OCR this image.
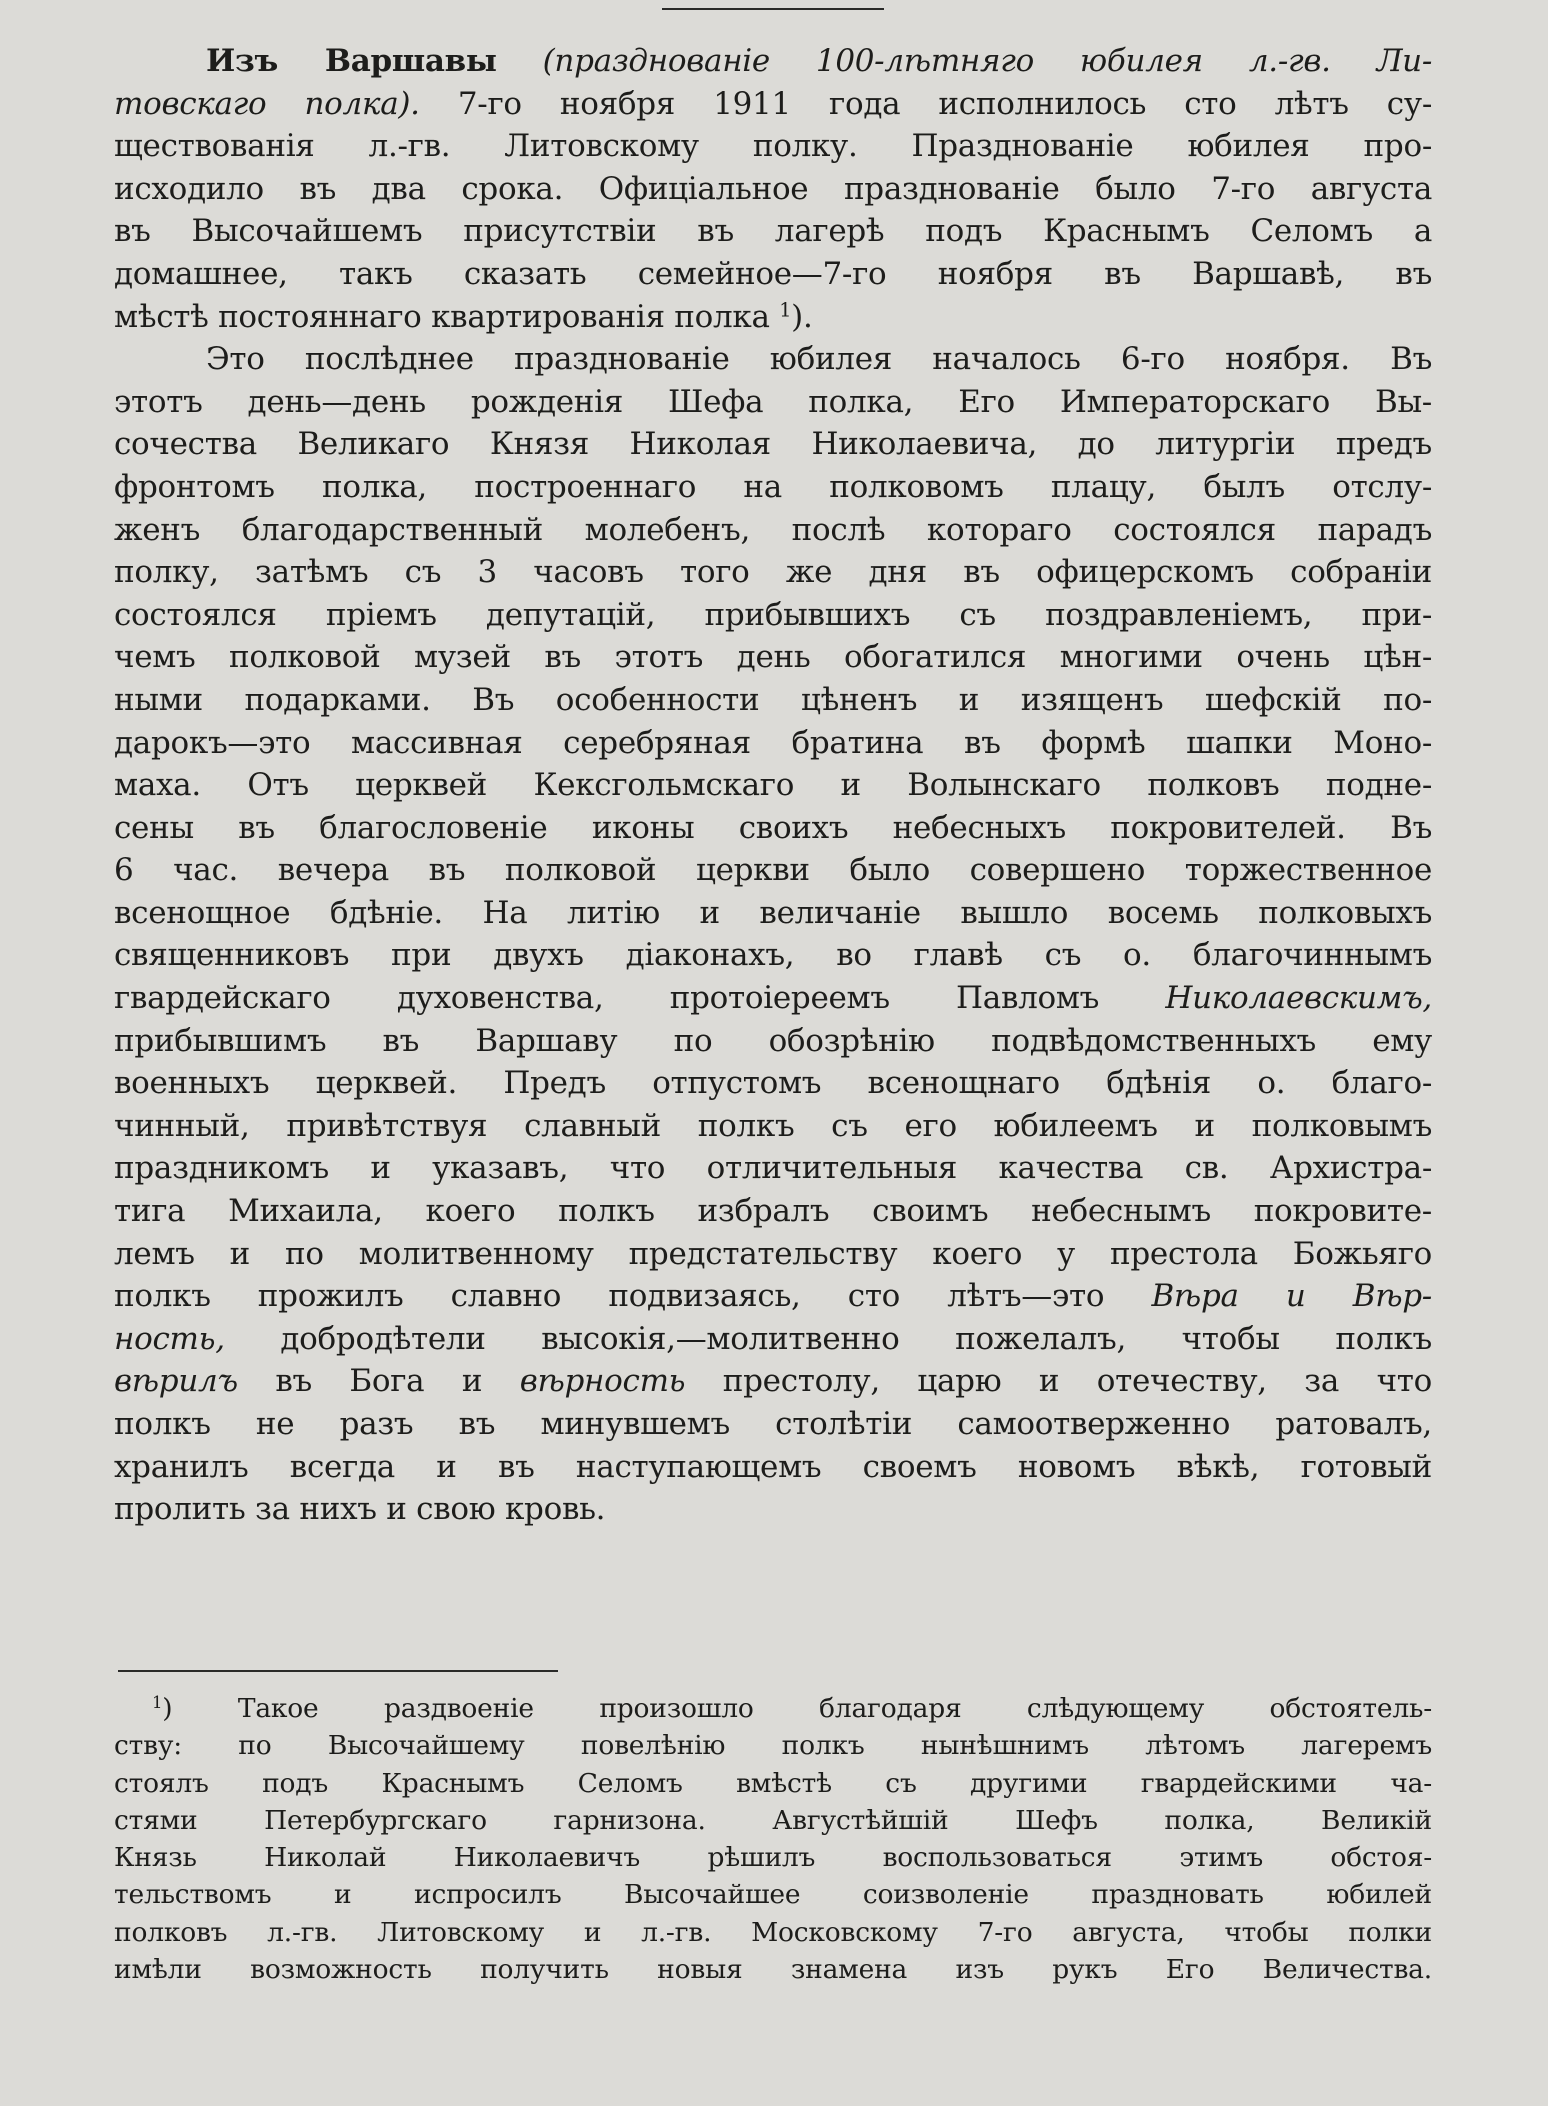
Изъ Варшавы (празднованiе 100-лѣтняго юбилея л.-гв. Ли-
товскаго полка). 7-го ноября 1911 года исполнилось сто лѣтъ су-
ществованiя л.-гв. Литовскому полку. Празднованiе юбилея про-
исходило въ два срока. Офицiальное празднованiе было 7-го августа
въ Высочайшемъ присутствiи въ лагерѣ подъ Краснымъ Селомъ а
домашнее, такъ сказать семейное—7-го ноября въ Варшавѣ, въ
мѣстѣ постояннаго квартированiя полка $^1$).
Это послѣднее празднованiе юбилея началось 6-го ноября. Въ
этотъ день—день рожденiя Шефа полка, Его Императорскаго Вы-
сочества Великаго Князя Николая Николаевича, до литургiи предъ
фронтомъ полка, построеннаго на полковомъ плацу, былъ отслу-
женъ благодарственный молебенъ, послѣ котораго состоялся парадъ
полку, затѣмъ съ 3 часовъ того же дня въ офицерскомъ собранiи
состоялся прiемъ депутацiй, прибывшихъ съ поздравленiемъ, при-
чемъ полковой музей въ этотъ день обогатился многими очень цѣн-
ными подарками. Въ особенности цѣненъ и изященъ шефскiй по-
дарокъ—это массивная серебряная братина въ формѣ шапки Моно-
маха. Отъ церквей Кексгольмскаго и Волынскаго полковъ поднe-
сены въ благословенiе иконы своихъ небесныхъ покровителей. Въ
6 час. вечера въ полковой церкви было совершено торжественное
всенощное бдѣнiе. На литiю и величанiе вышло восемь полковыхъ
священниковъ при двухъ дiаконахъ, во главѣ съ о. благочиннымъ
гвардейскаго духовенства, протоiереемъ Павломъ Николаевскимъ,
прибывшимъ въ Варшаву по обозрѣнiю подвѣдомственныхъ ему
военныхъ церквей. Предъ отпустомъ всенощнаго бдѣнiя о. благо-
чинный, привѣтствуя славный полкъ съ его юбилеемъ и полковымъ
праздникомъ и указавъ, что отличительныя качества св. Архистра-
тига Михаила, коего полкъ избралъ своимъ небеснымъ покровите-
лемъ и по молитвенному предстательству коего у престола Божьяго
полкъ прожилъ славно подвизаясь, сто лѣтъ—это Вѣра и Вѣр-
ность, добродѣтели высокiя,—молитвенно пожелалъ, чтобы полкъ
вѣрилъ въ Бога и вѣрность престолу, царю и отечеству, за что
полкъ не разъ въ минувшемъ столѣтiи самоотверженно ратовалъ,
хранилъ всегда и въ наступающемъ своемъ новомъ вѣкѣ, готовый
пролить за нихъ и свою кровь.
$^1$) Такое раздвоенiе произошло благодаря слѣдующему обстоятель-
ству: по Высочайшему повелѣнiю полкъ нынѣшнимъ лѣтомъ лагеремъ
стоялъ подъ Краснымъ Селомъ вмѣстѣ съ другими гвардейскими ча-
стями Петербургскаго гарнизона. Августѣйшiй Шефъ полка, Великiй
Князь Николай Николаевичъ рѣшилъ воспользоваться этимъ обстоя-
тельствомъ и испросилъ Высочайшее соизволенiе праздновать юбилей
полковъ л.-гв. Литовскому и л.-гв. Московскому 7-го августа, чтобы полки
имѣли возможность получить новыя знамена изъ рукъ Его Величества.
